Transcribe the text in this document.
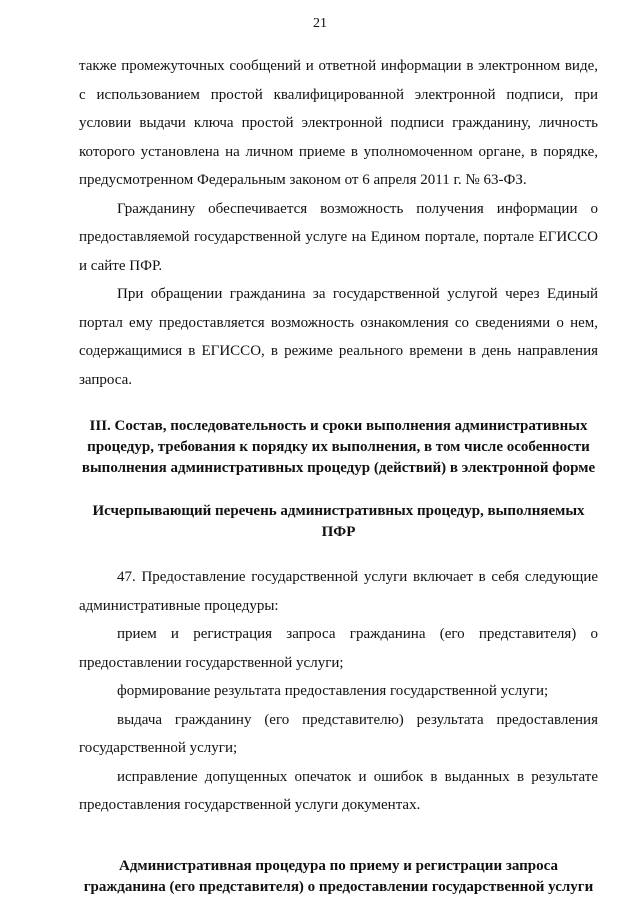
21

также промежуточных сообщений и ответной информации в электронном виде, с использованием простой квалифицированной электронной подписи, при условии выдачи ключа простой электронной подписи гражданину, личность которого установлена на личном приеме в уполномоченном органе, в порядке, предусмотренном Федеральным законом от 6 апреля 2011 г. № 63-ФЗ.

Гражданину обеспечивается возможность получения информации о предоставляемой государственной услуге на Едином портале, портале ЕГИССО и сайте ПФР.

При обращении гражданина за государственной услугой через Единый портал ему предоставляется возможность ознакомления со сведениями о нем, содержащимися в ЕГИССО, в режиме реального времени в день направления запроса.

III. Состав, последовательность и сроки выполнения административных процедур, требования к порядку их выполнения, в том числе особенности выполнения административных процедур (действий) в электронной форме

Исчерпывающий перечень административных процедур, выполняемых ПФР

47. Предоставление государственной услуги включает в себя следующие административные процедуры:

прием и регистрация запроса гражданина (его представителя) о предоставлении государственной услуги;

формирование результата предоставления государственной услуги;

выдача гражданину (его представителю) результата предоставления государственной услуги;

исправление допущенных опечаток и ошибок в выданных в результате предоставления государственной услуги документах.

Административная процедура по приему и регистрации запроса гражданина (его представителя) о предоставлении государственной услуги
